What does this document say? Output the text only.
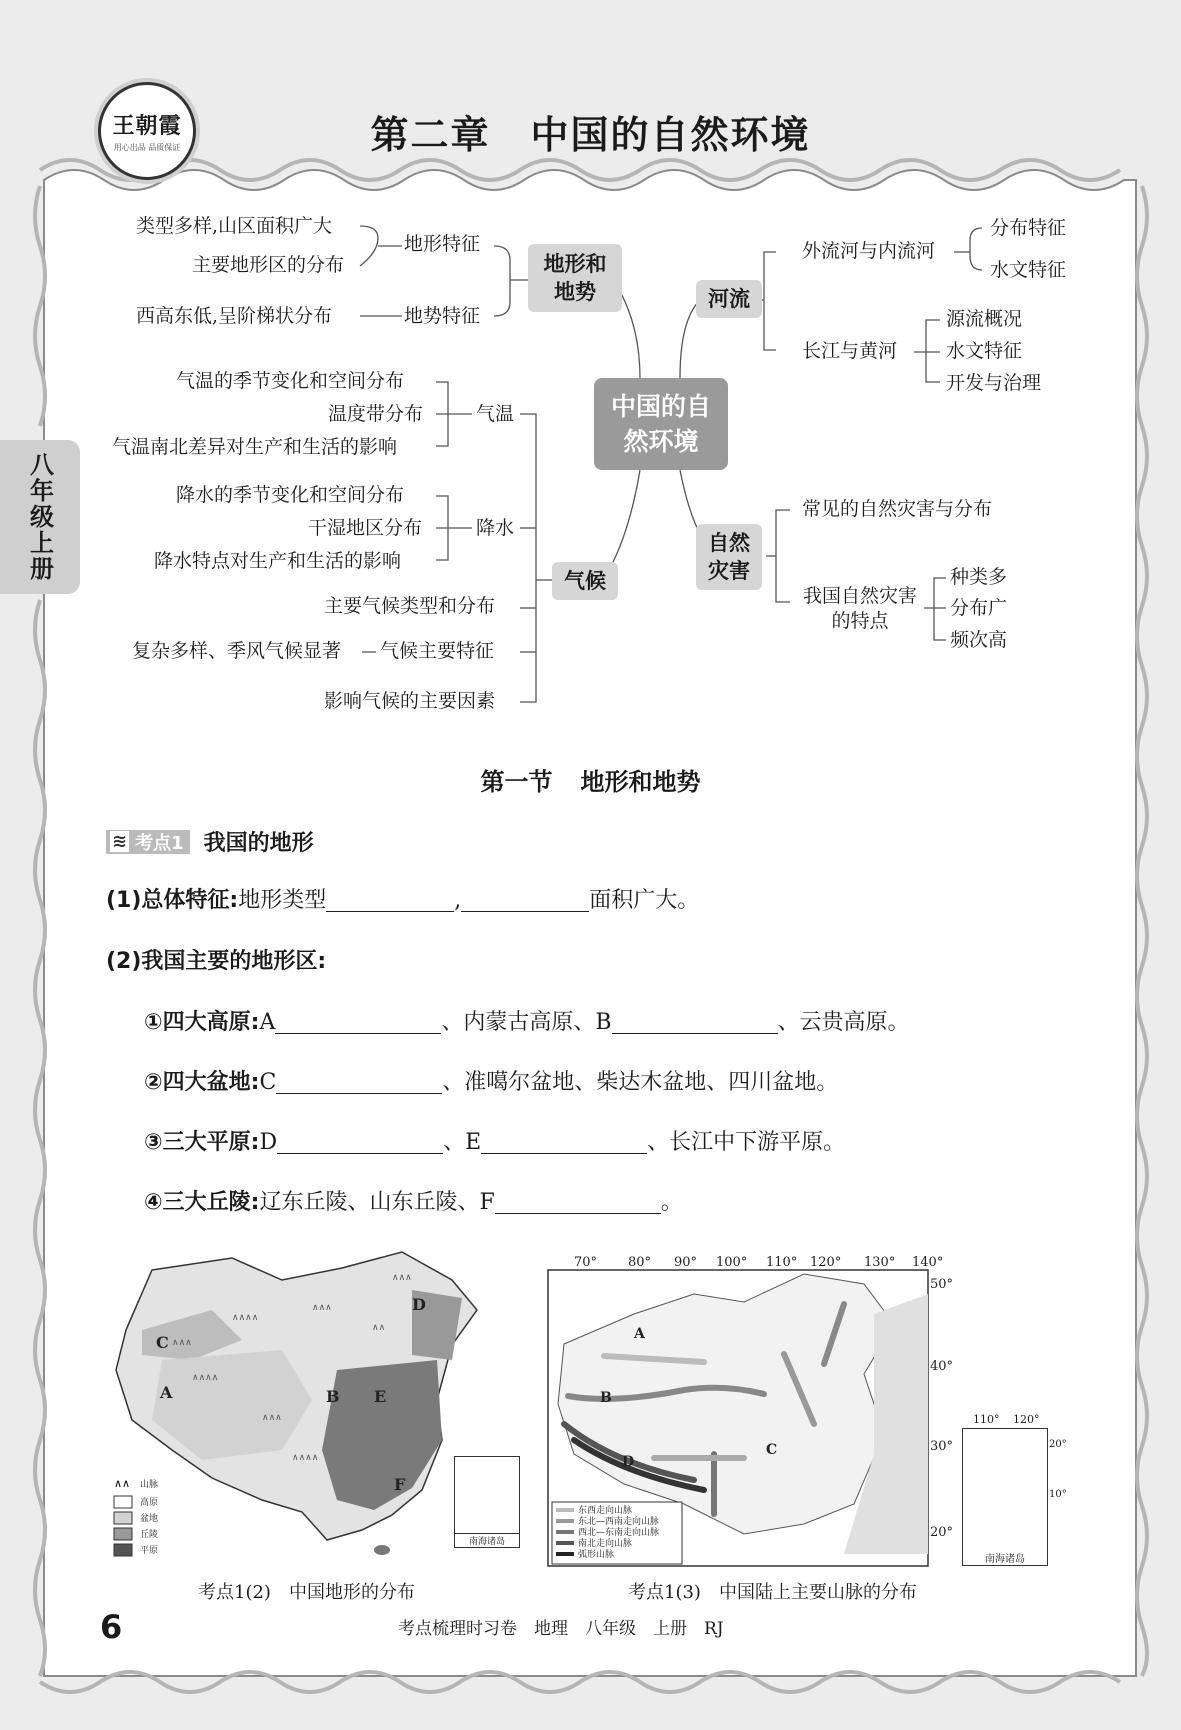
王朝霞
用心出品 品质保证	第二章 中国的自然环境
八年级上册
中国的自然环境
地形和地势
地形特征
类型多样,山区面积广大
主要地形区的分布
地势特征
西高东低,呈阶梯状分布
气候
气温
气温的季节变化和空间分布
温度带分布
气温南北差异对生产和生活的影响
降水
降水的季节变化和空间分布
干湿地区分布
降水特点对生产和生活的影响
主要气候类型和分布
气候主要特征
复杂多样、季风气候显著
影响气候的主要因素
河流
外流河与内流河
分布特征
水文特征
长江与黄河
源流概况
水文特征
开发与治理
自然灾害
常见的自然灾害与分布
我国自然灾害的特点
种类多
分布广
频次高
第一节 地形和地势
≋ 考点1 我国的地形
(1)总体特征: 地形类型	,	面积广大。
(2)我国主要的地形区:
①四大高原: A	、内蒙古高原、B	、云贵高原。
②四大盆地: C	、准噶尔盆地、柴达木盆地、四川盆地。
③三大平原: D	、E	、长江中下游平原。
④三大丘陵: 辽东丘陵、山东丘陵、F	。
∧∧∧
∧∧∧∧
∧∧∧
∧∧∧∧
∧∧∧
∧∧∧∧
∧∧
∧∧∧
C
A	B
D
E
F
∧∧ 山脉
高原
盆地
丘陵
平原
南海诸岛
考点1(2)　中国地形的分布
A
B
C
D
70° 80° 90° 100° 110° 120° 130° 140°
50°
40°
30°
20°
东西走向山脉
东北—西南走向山脉
西北—东南走向山脉
南北走向山脉
弧形山脉
110° 120°
20°
10°
南海诸岛
考点1(3)　中国陆上主要山脉的分布
6	考点梳理时习卷　地理　八年级　上册　RJ
